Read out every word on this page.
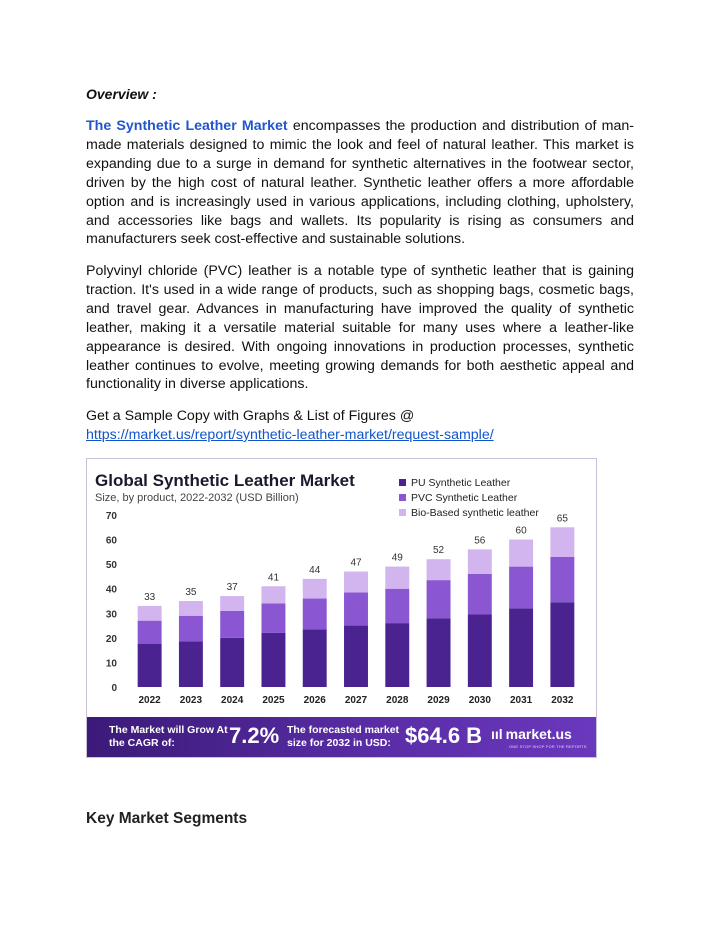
Overview :

The Synthetic Leather Market encompasses the production and distribution of man-made materials designed to mimic the look and feel of natural leather. This market is expanding due to a surge in demand for synthetic alternatives in the footwear sector, driven by the high cost of natural leather. Synthetic leather offers a more affordable option and is increasingly used in various applications, including clothing, upholstery, and accessories like bags and wallets. Its popularity is rising as consumers and manufacturers seek cost-effective and sustainable solutions.

Polyvinyl chloride (PVC) leather is a notable type of synthetic leather that is gaining traction. It's used in a wide range of products, such as shopping bags, cosmetic bags, and travel gear. Advances in manufacturing have improved the quality of synthetic leather, making it a versatile material suitable for many uses where a leather-like appearance is desired. With ongoing innovations in production processes, synthetic leather continues to evolve, meeting growing demands for both aesthetic appeal and functionality in diverse applications.

Get a Sample Copy with Graphs & List of Figures @
https://market.us/report/synthetic-leather-market/request-sample/
Key Market Segments
0
10
20
30
40
50
60
70
33
2022
35
2023
37
2024
41
2025
44
2026
47
2027
49
2028
52
2029
56
2030
60
2031
65
2032
Global Synthetic Leather Market
Size, by product, 2022-2032 (USD Billion)
PU Synthetic Leather
PVC Synthetic Leather
Bio-Based synthetic leather
The Market will Grow At the CAGR of:	7.2% The forecasted market size for 2032 in USD: $64.6 B ııl market.us
ONE STOP SHOP FOR THE REPORTS
